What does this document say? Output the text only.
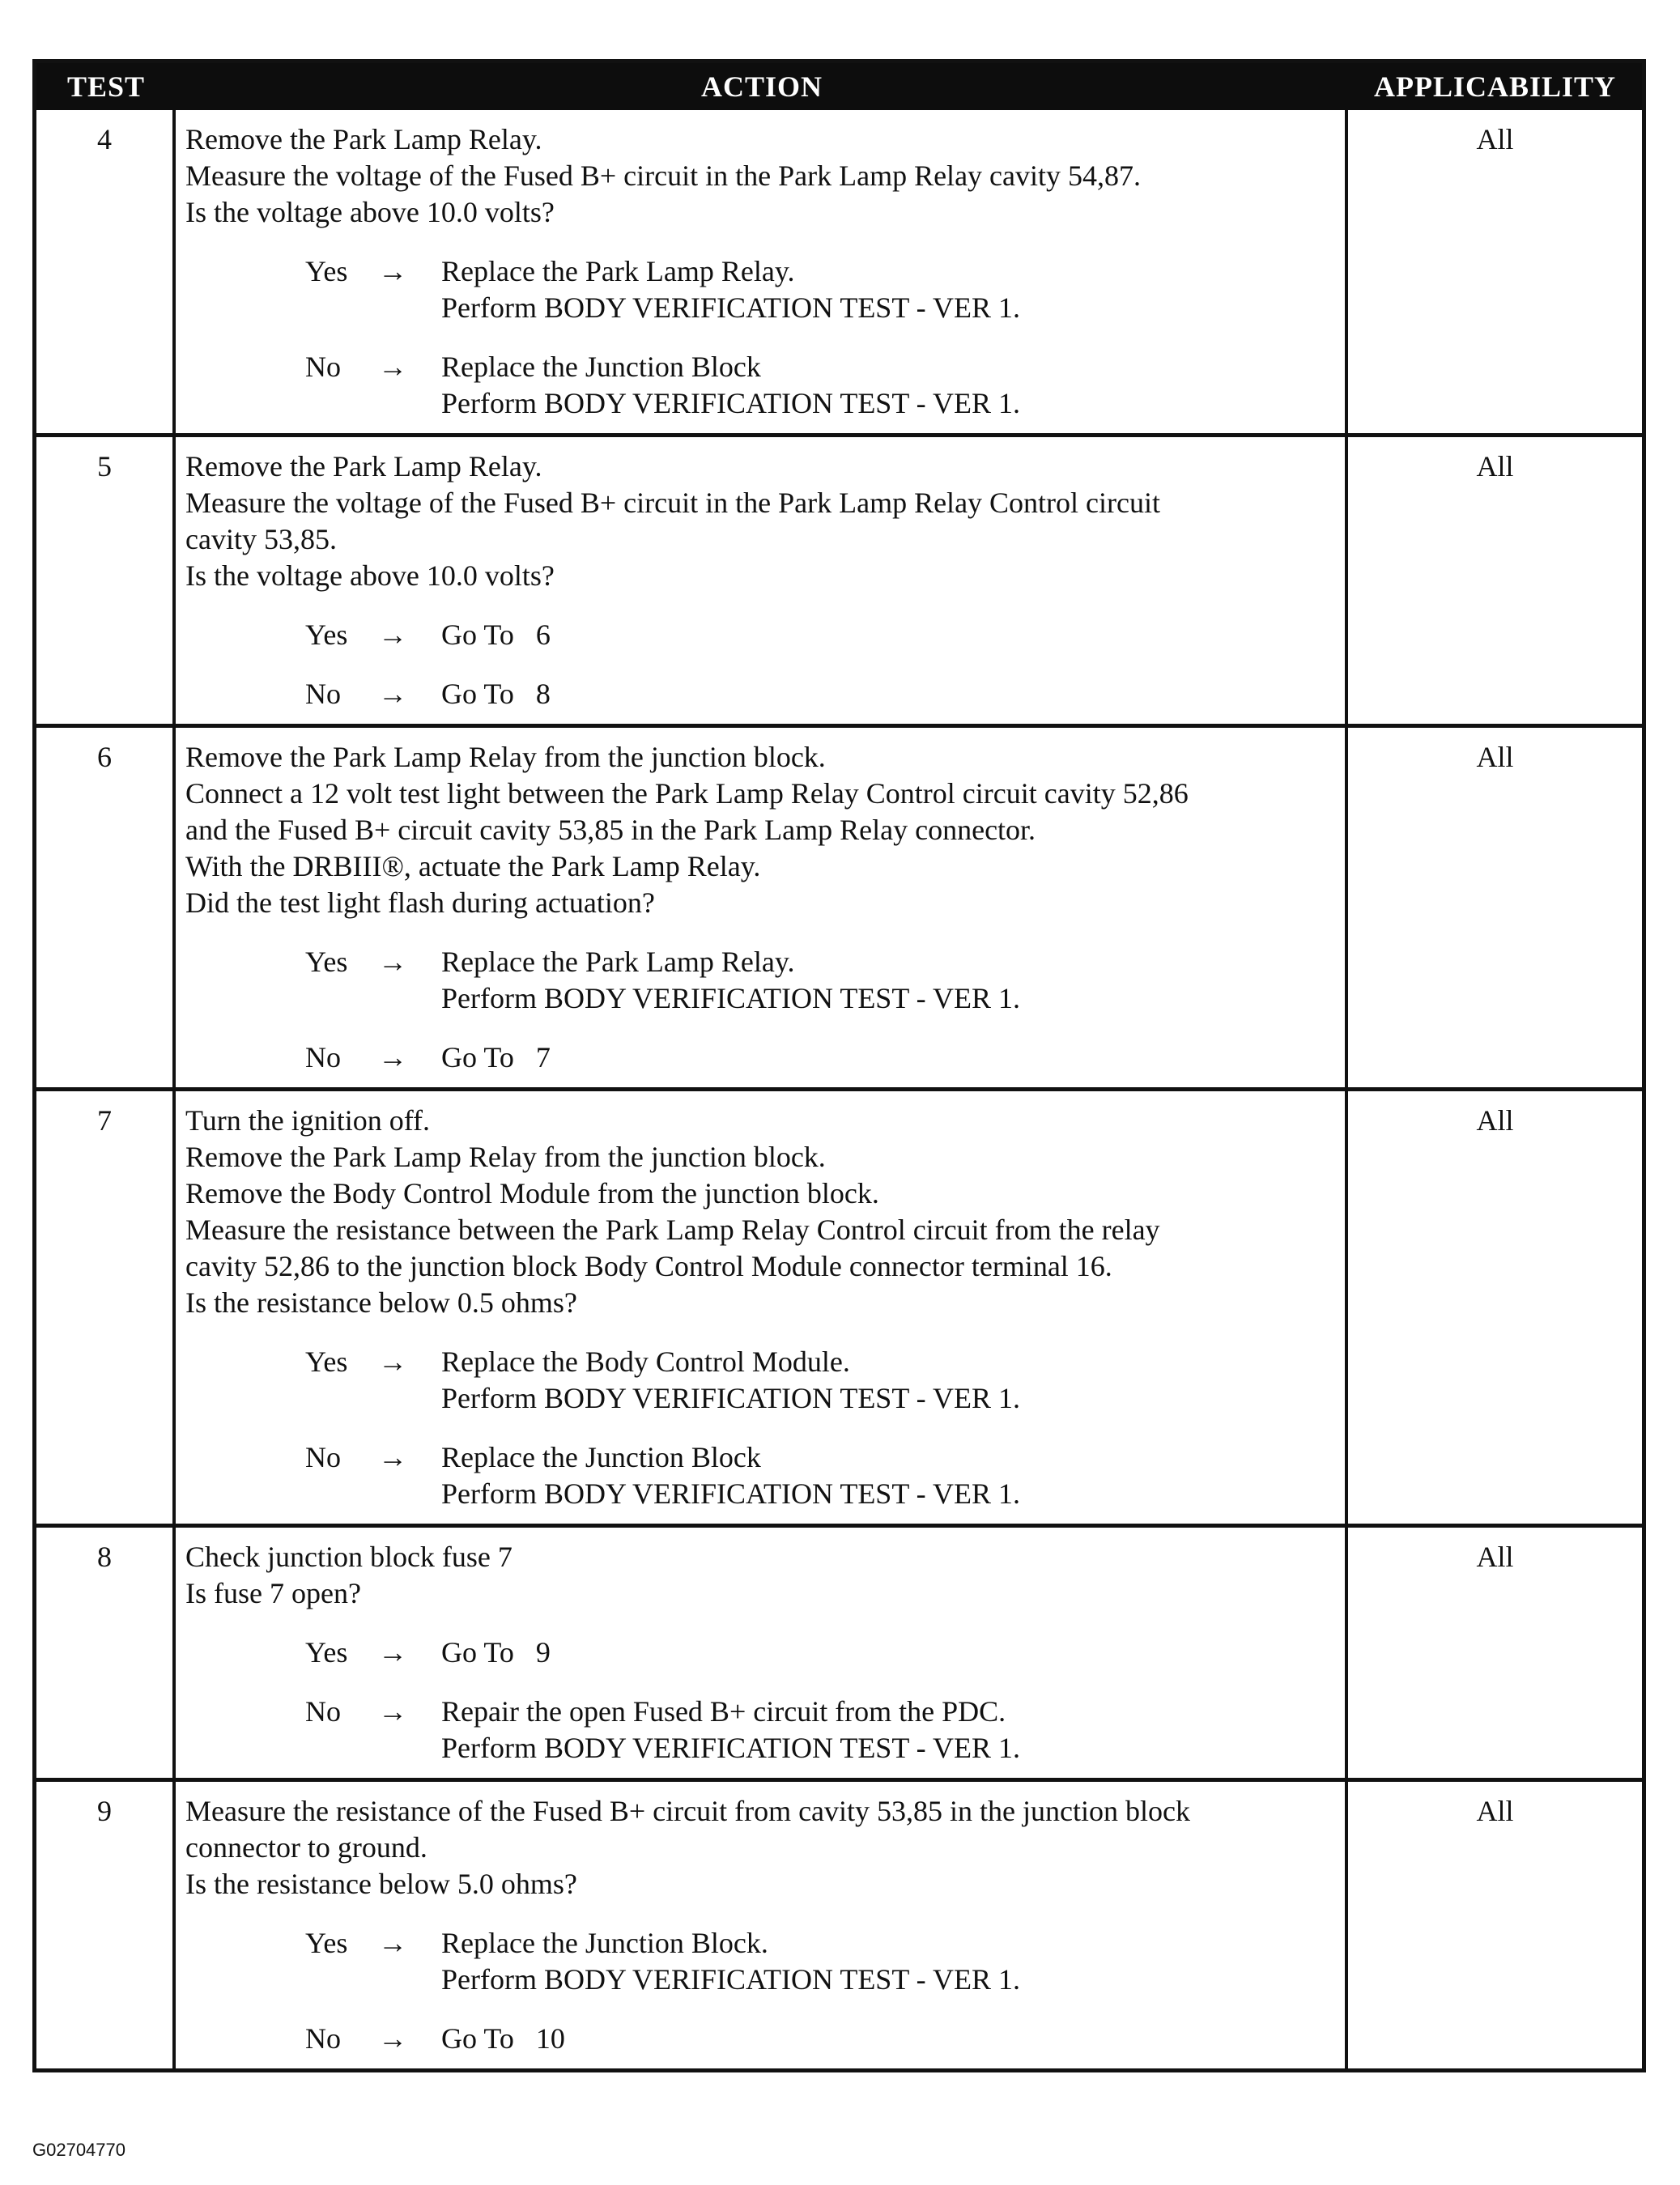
TEST	ACTION	APPLICABILITY
4	Remove the Park Lamp Relay.
Measure the voltage of the Fused B+ circuit in the Park Lamp Relay cavity 54,87.
Is the voltage above 10.0 volts?
Yes	→	Replace the Park Lamp Relay.
Perform BODY VERIFICATION TEST - VER 1.
No	→	Replace the Junction Block
Perform BODY VERIFICATION TEST - VER 1.
All
5	Remove the Park Lamp Relay.
Measure the voltage of the Fused B+ circuit in the Park Lamp Relay Control circuit
cavity 53,85.
Is the voltage above 10.0 volts?
Yes	→	Go To   6
No	→	Go To   8
All
6	Remove the Park Lamp Relay from the junction block.
Connect a 12 volt test light between the Park Lamp Relay Control circuit cavity 52,86
and the Fused B+ circuit cavity 53,85 in the Park Lamp Relay connector.
With the DRBIII®, actuate the Park Lamp Relay.
Did the test light flash during actuation?
Yes	→	Replace the Park Lamp Relay.
Perform BODY VERIFICATION TEST - VER 1.
No	→	Go To   7
All
7	Turn the ignition off.
Remove the Park Lamp Relay from the junction block.
Remove the Body Control Module from the junction block.
Measure the resistance between the Park Lamp Relay Control circuit from the relay
cavity 52,86 to the junction block Body Control Module connector terminal 16.
Is the resistance below 0.5 ohms?
Yes	→	Replace the Body Control Module.
Perform BODY VERIFICATION TEST - VER 1.
No	→	Replace the Junction Block
Perform BODY VERIFICATION TEST - VER 1.
All
8	Check junction block fuse 7
Is fuse 7 open?
Yes	→	Go To   9
No	→	Repair the open Fused B+ circuit from the PDC.
Perform BODY VERIFICATION TEST - VER 1.
All
9	Measure the resistance of the Fused B+ circuit from cavity 53,85 in the junction block
connector to ground.
Is the resistance below 5.0 ohms?
Yes	→	Replace the Junction Block.
Perform BODY VERIFICATION TEST - VER 1.
No	→	Go To   10
All
G02704770
